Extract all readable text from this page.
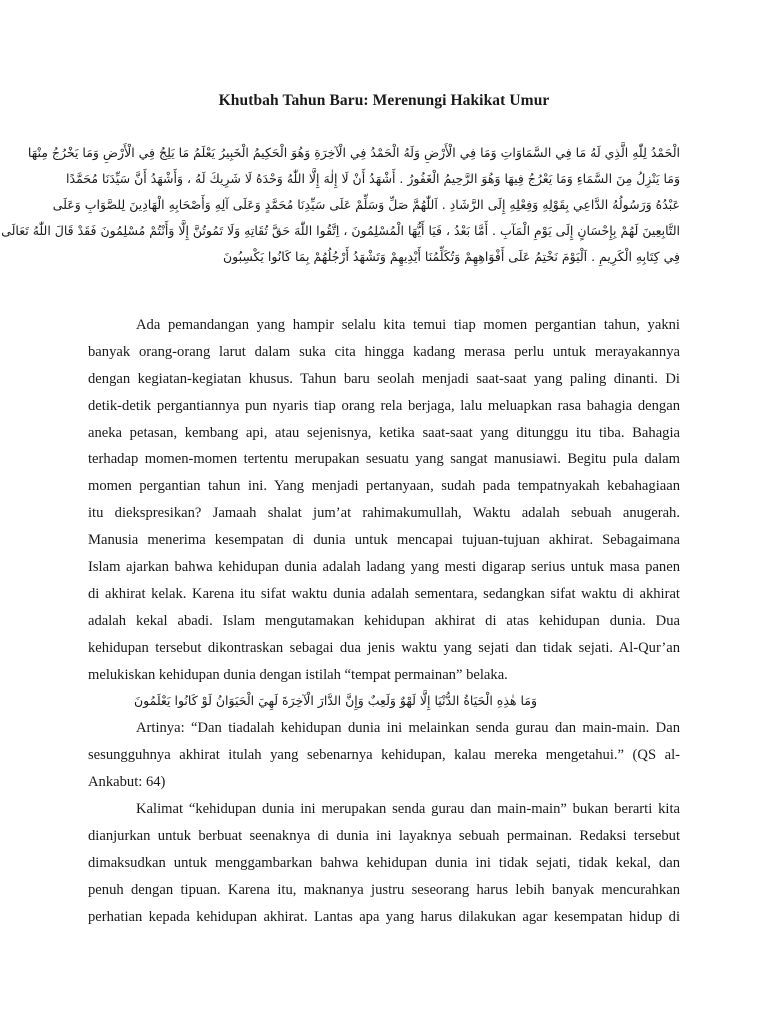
Khutbah Tahun Baru: Merenungi Hakikat Umur
الْحَمْدُ لِلّٰهِ الَّذِي لَهُ مَا فِي السَّمَاوَاتِ وَمَا فِي الْأَرْضِ وَلَهُ الْحَمْدُ فِي الْآخِرَةِ وَهُوَ الْحَكِيمُ الْخَبِيرُ يَعْلَمُ مَا يَلِجُ فِي الْأَرْضِ وَمَا يَخْرُجُ مِنْهَا
وَمَا يَنْزِلُ مِنَ السَّمَاءِ وَمَا يَعْرُجُ فِيهَا وَهُوَ الرَّحِيمُ الْغَفُورُ . أَشْهَدُ أَنْ لَا إِلٰهَ إِلَّا اللّٰهُ وَحْدَهُ لَا شَرِيكَ لَهُ ، وَأَشْهَدُ أَنَّ سَيِّدَنَا مُحَمَّدًا
عَبْدُهُ وَرَسُولُهُ الدَّاعِي بِقَوْلِهِ وَفِعْلِهِ إِلَى الرَّشَادِ . اَللّٰهُمَّ صَلِّ وَسَلِّمْ عَلَى سَيِّدِنَا مُحَمَّدٍ وَعَلَى آلِهِ وَأَصْحَابِهِ الْهَادِينَ لِلصَّوَابِ وَعَلَى
التَّابِعِينَ لَهُمْ بِإِحْسَانٍ إِلَى يَوْمِ الْمَآبِ . أَمَّا بَعْدُ ، فَيَا أَيُّهَا الْمُسْلِمُونَ ، اِتَّقُوا اللّٰهَ حَقَّ تُقَاتِهِ وَلَا تَمُوتُنَّ إِلَّا وَأَنْتُمْ مُسْلِمُونَ فَقَدْ قَالَ اللّٰهُ تَعَالَى
فِي كِتَابِهِ الْكَرِيمِ . اَلْيَوْمَ نَخْتِمُ عَلَى أَفْوَاهِهِمْ وَتُكَلِّمُنَا أَيْدِيهِمْ وَتَشْهَدُ أَرْجُلُهُمْ بِمَا كَانُوا يَكْسِبُونَ
Ada pemandangan yang hampir selalu kita temui tiap momen pergantian tahun, yakni
banyak orang-orang larut dalam suka cita hingga kadang merasa perlu untuk merayakannya
dengan kegiatan-kegiatan khusus. Tahun baru seolah menjadi saat-saat yang paling dinanti. Di
detik-detik pergantiannya pun nyaris tiap orang rela berjaga, lalu meluapkan rasa bahagia dengan
aneka petasan, kembang api, atau sejenisnya, ketika saat-saat yang ditunggu itu tiba. Bahagia
terhadap momen-momen tertentu merupakan sesuatu yang sangat manusiawi. Begitu pula dalam
momen pergantian tahun ini. Yang menjadi pertanyaan, sudah pada tempatnyakah kebahagiaan
itu diekspresikan? Jamaah shalat jum’at rahimakumullah, Waktu adalah sebuah anugerah.
Manusia menerima kesempatan di dunia untuk mencapai tujuan-tujuan akhirat. Sebagaimana
Islam ajarkan bahwa kehidupan dunia adalah ladang yang mesti digarap serius untuk masa panen
di akhirat kelak. Karena itu sifat waktu dunia adalah sementara, sedangkan sifat waktu di akhirat
adalah kekal abadi. Islam mengutamakan kehidupan akhirat di atas kehidupan dunia. Dua
kehidupan tersebut dikontraskan sebagai dua jenis waktu yang sejati dan tidak sejati. Al-Qur’an
melukiskan kehidupan dunia dengan istilah “tempat permainan” belaka.
وَمَا هٰذِهِ الْحَيَاةُ الدُّنْيَا إِلَّا لَهْوٌ وَلَعِبٌ وَإِنَّ الدَّارَ الْآخِرَةَ لَهِيَ الْحَيَوَانُ لَوْ كَانُوا يَعْلَمُونَ
Artinya: “Dan tiadalah kehidupan dunia ini melainkan senda gurau dan main-main. Dan
sesungguhnya akhirat itulah yang sebenarnya kehidupan, kalau mereka mengetahui.” (QS al-
Ankabut: 64)
Kalimat “kehidupan dunia ini merupakan senda gurau dan main-main” bukan berarti kita
dianjurkan untuk berbuat seenaknya di dunia ini layaknya sebuah permainan. Redaksi tersebut
dimaksudkan untuk menggambarkan bahwa kehidupan dunia ini tidak sejati, tidak kekal, dan
penuh dengan tipuan. Karena itu, maknanya justru seseorang harus lebih banyak mencurahkan
perhatian kepada kehidupan akhirat. Lantas apa yang harus dilakukan agar kesempatan hidup di
